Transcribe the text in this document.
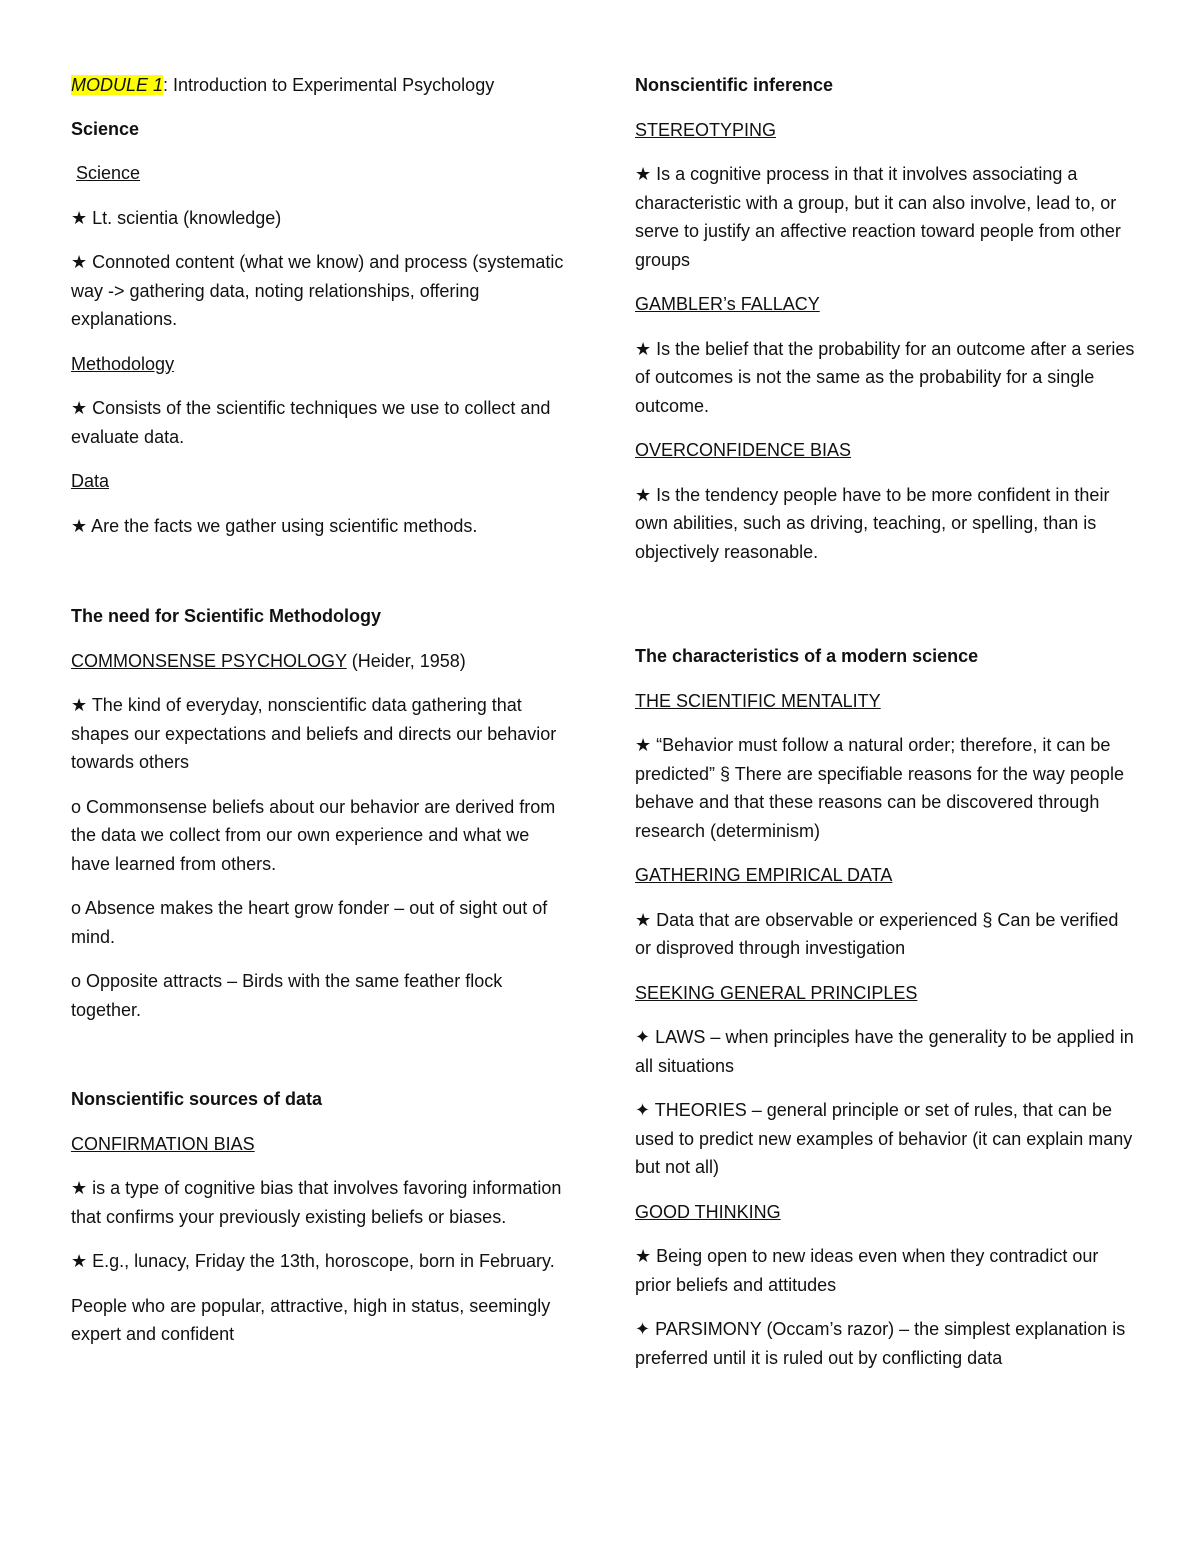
MODULE 1: Introduction to Experimental Psychology

Science

Science

★ Lt. scientia (knowledge)

★ Connoted content (what we know) and process (systematic way -> gathering data, noting relationships, offering explanations.

Methodology

★ Consists of the scientific techniques we use to collect and evaluate data.

Data

★ Are the facts we gather using scientific methods.

The need for Scientific Methodology

COMMONSENSE PSYCHOLOGY (Heider, 1958)

★ The kind of everyday, nonscientific data gathering that shapes our expectations and beliefs and directs our behavior towards others

o Commonsense beliefs about our behavior are derived from the data we collect from our own experience and what we have learned from others.

o Absence makes the heart grow fonder – out of sight out of mind.

o Opposite attracts – Birds with the same feather flock together.

Nonscientific sources of data

CONFIRMATION BIAS

★ is a type of cognitive bias that involves favoring information that confirms your previously existing beliefs or biases.

★ E.g., lunacy, Friday the 13th, horoscope, born in February.

People who are popular, attractive, high in status, seemingly expert and confident

Nonscientific inference

STEREOTYPING

★ Is a cognitive process in that it involves associating a characteristic with a group, but it can also involve, lead to, or serve to justify an affective reaction toward people from other groups

GAMBLER’s FALLACY

★ Is the belief that the probability for an outcome after a series of outcomes is not the same as the probability for a single outcome.

OVERCONFIDENCE BIAS

★ Is the tendency people have to be more confident in their own abilities, such as driving, teaching, or spelling, than is objectively reasonable.

The characteristics of a modern science

THE SCIENTIFIC MENTALITY

★ “Behavior must follow a natural order; therefore, it can be predicted” § There are specifiable reasons for the way people behave and that these reasons can be discovered through research (determinism)

GATHERING EMPIRICAL DATA

★ Data that are observable or experienced § Can be verified or disproved through investigation

SEEKING GENERAL PRINCIPLES

✦ LAWS – when principles have the generality to be applied in all situations

✦ THEORIES – general principle or set of rules, that can be used to predict new examples of behavior (it can explain many but not all)

GOOD THINKING

★ Being open to new ideas even when they contradict our prior beliefs and attitudes

✦ PARSIMONY (Occam’s razor) – the simplest explanation is preferred until it is ruled out by conflicting data
